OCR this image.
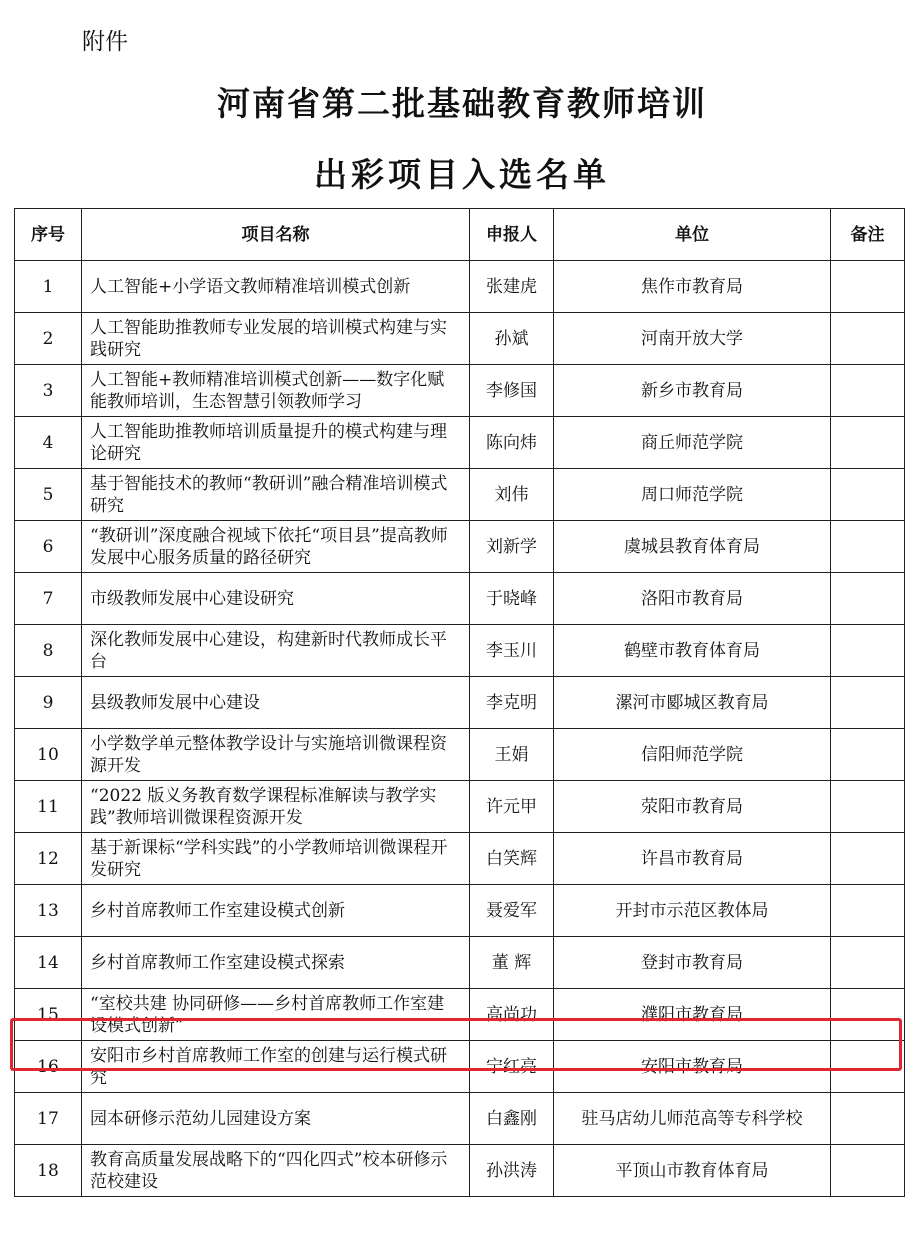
附件
河南省第二批基础教育教师培训
出彩项目入选名单
序号	项目名称	申报人	单位	备注
1	人工智能+小学语文教师精准培训模式创新	张建虎	焦作市教育局	
2	人工智能助推教师专业发展的培训模式构建与实践研究	孙斌	河南开放大学	
3	人工智能+教师精准培训模式创新——数字化赋能教师培训，生态智慧引领教师学习	李修国	新乡市教育局	
4	人工智能助推教师培训质量提升的模式构建与理论研究	陈向炜	商丘师范学院	
5	基于智能技术的教师“教研训”融合精准培训模式研究	刘伟	周口师范学院	
6	“教研训”深度融合视域下依托“项目县”提高教师发展中心服务质量的路径研究	刘新学	虞城县教育体育局	
7	市级教师发展中心建设研究	于晓峰	洛阳市教育局	
8	深化教师发展中心建设，构建新时代教师成长平台	李玉川	鹤壁市教育体育局	
9	县级教师发展中心建设	李克明	漯河市郾城区教育局	
10	小学数学单元整体教学设计与实施培训微课程资源开发	王娟	信阳师范学院	
11	“2022 版义务教育数学课程标准解读与教学实践”教师培训微课程资源开发	许元甲	荥阳市教育局	
12	基于新课标“学科实践”的小学教师培训微课程开发研究	白笑辉	许昌市教育局	
13	乡村首席教师工作室建设模式创新	聂爱军	开封市示范区教体局	
14	乡村首席教师工作室建设模式探索	董 辉	登封市教育局	
15	“室校共建 协同研修——乡村首席教师工作室建设模式创新”	高尚功	濮阳市教育局	
16	安阳市乡村首席教师工作室的创建与运行模式研究	宁红亮	安阳市教育局	
17	园本研修示范幼儿园建设方案	白鑫刚	驻马店幼儿师范高等专科学校	
18	教育高质量发展战略下的“四化四式”校本研修示范校建设	孙洪涛	平顶山市教育体育局	
